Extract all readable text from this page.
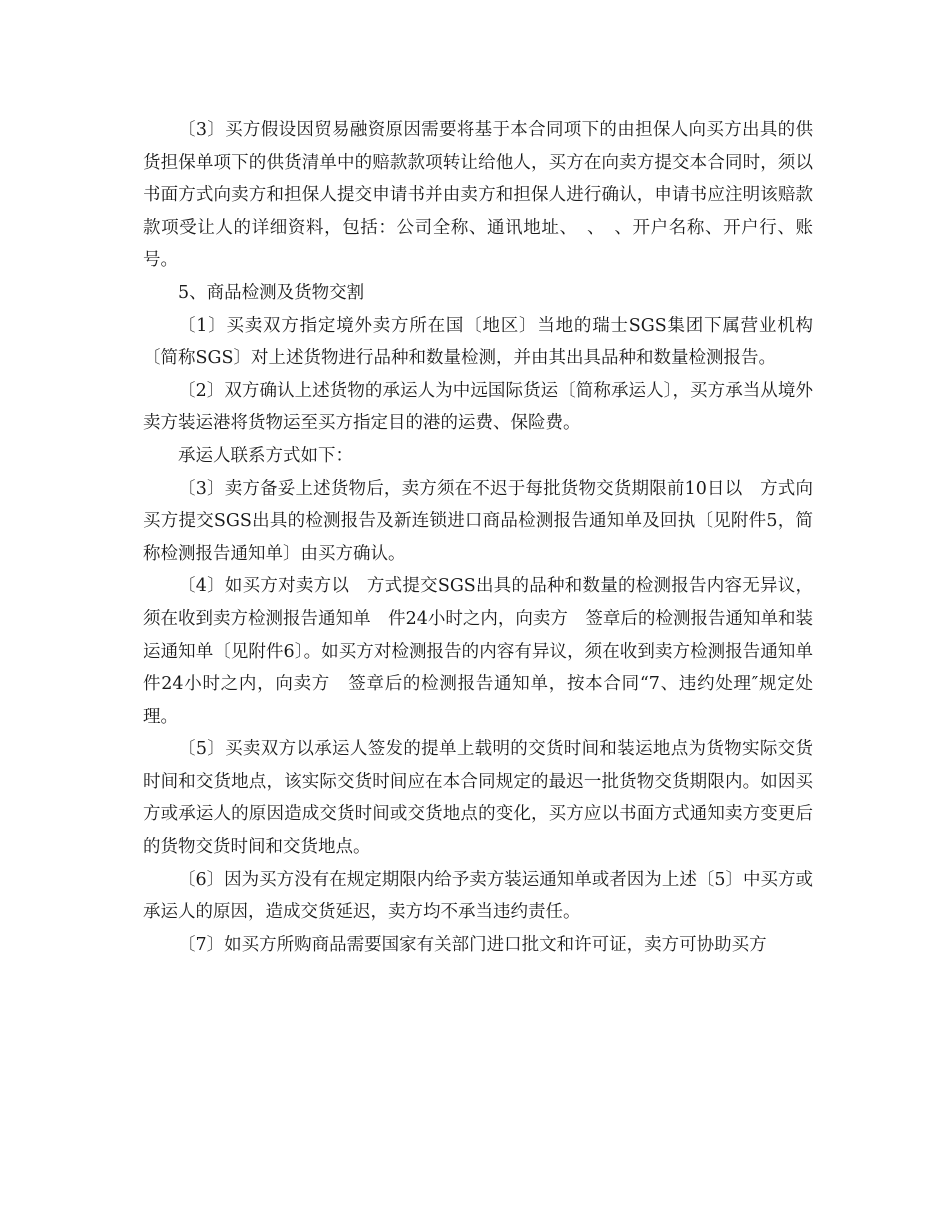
〔3〕买方假设因贸易融资原因需要将基于本合同项下的由担保人向买方出具的供货担保单项下的供货清单中的赔款款项转让给他人，买方在向卖方提交本合同时，须以书面方式向卖方和担保人提交申请书并由卖方和担保人进行确认，申请书应注明该赔款款项受让人的详细资料，包括：公司全称、通讯地址、　、　、开户名称、开户行、账号。

5、商品检测及货物交割

〔1〕买卖双方指定境外卖方所在国〔地区〕当地的瑞士SGS集团下属营业机构〔简称SGS〕对上述货物进行品种和数量检测，并由其出具品种和数量检测报告。

〔2〕双方确认上述货物的承运人为中远国际货运〔简称承运人〕，买方承当从境外卖方装运港将货物运至买方指定目的港的运费、保险费。

承运人联系方式如下：

〔3〕卖方备妥上述货物后，卖方须在不迟于每批货物交货期限前10日以　方式向买方提交SGS出具的检测报告及新连锁进口商品检测报告通知单及回执〔见附件5，简称检测报告通知单〕由买方确认。

〔4〕如买方对卖方以　方式提交SGS出具的品种和数量的检测报告内容无异议，须在收到卖方检测报告通知单　件24小时之内，向卖方　签章后的检测报告通知单和装运通知单〔见附件6〕。如买方对检测报告的内容有异议，须在收到卖方检测报告通知单　件24小时之内，向卖方　签章后的检测报告通知单，按本合同“7、违约处理″规定处理。

〔5〕买卖双方以承运人签发的提单上载明的交货时间和装运地点为货物实际交货时间和交货地点，该实际交货时间应在本合同规定的最迟一批货物交货期限内。如因买方或承运人的原因造成交货时间或交货地点的变化，买方应以书面方式通知卖方变更后的货物交货时间和交货地点。

〔6〕因为买方没有在规定期限内给予卖方装运通知单或者因为上述〔5〕中买方或承运人的原因，造成交货延迟，卖方均不承当违约责任。

〔7〕如买方所购商品需要国家有关部门进口批文和许可证，卖方可协助买方
